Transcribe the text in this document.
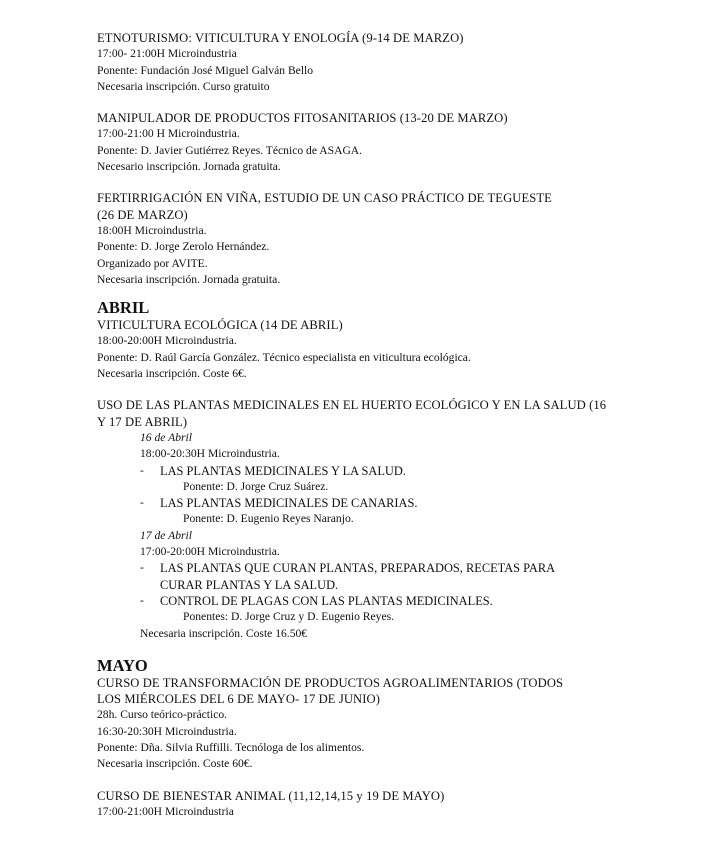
ETNOTURISMO: VITICULTURA Y ENOLOGÍA (9-14 DE MARZO)
17:00- 21:00H Microindustria
Ponente: Fundación José Miguel Galván Bello
Necesaria inscripción. Curso gratuito
MANIPULADOR DE PRODUCTOS FITOSANITARIOS (13-20 DE MARZO)
17:00-21:00 H Microindustria.
Ponente: D. Javier Gutiérrez Reyes. Técnico de ASAGA.
Necesario inscripción. Jornada gratuita.
FERTIRRIGACIÓN EN VIÑA, ESTUDIO DE UN CASO PRÁCTICO DE TEGUESTE (26 DE MARZO)
18:00H Microindustria.
Ponente: D. Jorge Zerolo Hernández.
Organizado por AVITE.
Necesaria inscripción. Jornada gratuita.
ABRIL
VITICULTURA ECOLÓGICA (14 DE ABRIL)
18:00-20:00H Microindustria.
Ponente: D. Raúl García González. Técnico especialista en viticultura ecológica.
Necesaria inscripción. Coste 6€.
USO DE LAS PLANTAS MEDICINALES EN EL HUERTO ECOLÓGICO Y EN LA SALUD (16 Y 17 DE ABRIL)
16 de Abril
18:00-20:30H Microindustria.
-	LAS PLANTAS MEDICINALES Y LA SALUD.
Ponente: D. Jorge Cruz Suárez.
-	LAS PLANTAS MEDICINALES DE CANARIAS.
Ponente: D. Eugenio Reyes Naranjo.
17 de Abril
17:00-20:00H Microindustria.
-	LAS PLANTAS QUE CURAN PLANTAS, PREPARADOS, RECETAS PARA CURAR PLANTAS Y LA SALUD.
-	CONTROL DE PLAGAS CON LAS PLANTAS MEDICINALES.
Ponentes: D. Jorge Cruz y D. Eugenio Reyes.
Necesaria inscripción. Coste 16.50€
MAYO
CURSO DE TRANSFORMACIÓN DE PRODUCTOS AGROALIMENTARIOS (TODOS LOS MIÉRCOLES DEL 6 DE MAYO- 17 DE JUNIO)
28h. Curso teórico-práctico.
16:30-20:30H Microindustria.
Ponente: Dña. Silvia Ruffilli. Tecnóloga de los alimentos.
Necesaria inscripción. Coste 60€.
CURSO DE BIENESTAR ANIMAL (11,12,14,15 y 19 DE MAYO)
17:00-21:00H Microindustria
